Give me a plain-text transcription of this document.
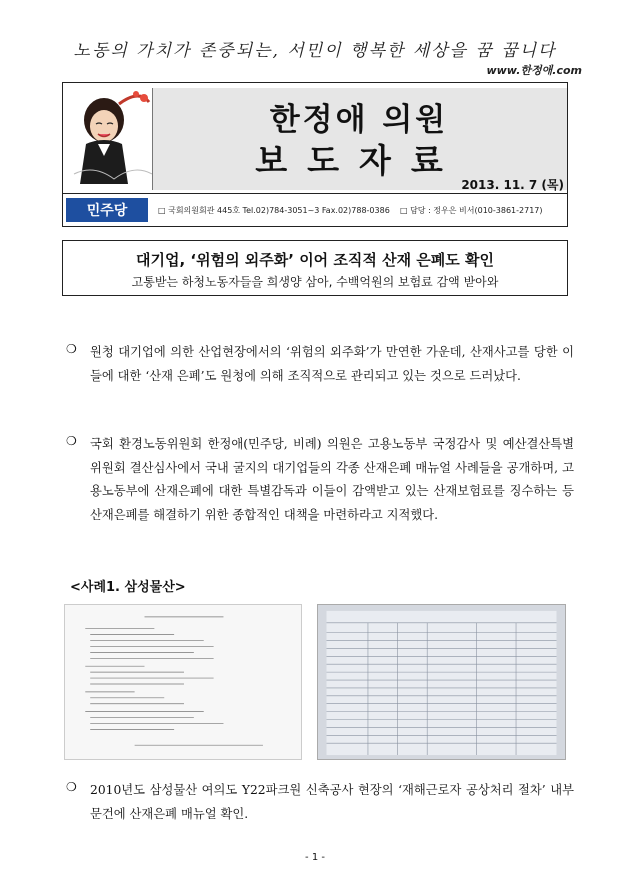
노동의 가치가 존중되는, 서민이 행복한 세상을 꿈 꿉니다
www.한정애.com
한정애 의원
보도자료
2013. 11. 7 (목)
민주당	□ 국회의원회관 445호 Tel.02)784-3051~3 Fax.02)788-0386 □ 담당 : 정우은 비서(010-3861-2717)
대기업, ‘위험의 외주화’ 이어 조직적 산재 은폐도 확인
고통받는 하청노동자들을 희생양 삼아, 수백억원의 보험료 감액 받아와
❍	원청 대기업에 의한 산업현장에서의 ‘위험의 외주화’가 만연한 가운데, 산재사고를 당한 이들에 대한 ‘산재 은폐’도 원청에 의해 조직적으로 관리되고 있는 것으로 드러났다.
❍	국회 환경노동위원회 한정애(민주당, 비례) 의원은 고용노동부 국정감사 및 예산결산특별위원회 결산심사에서 국내 굴지의 대기업들의 각종 산재은폐 매뉴얼 사례들을 공개하며, 고용노동부에 산재은폐에 대한 특별감독과 이들이 감액받고 있는 산재보험료를 징수하는 등 산재은폐를 해결하기 위한 종합적인 대책을 마련하라고 지적했다.
<사례1. 삼성물산>
❍	2010년도 삼성물산 여의도 Y22파크원 신축공사 현장의 ‘재해근로자 공상처리 절차’ 내부문건에 산재은폐 매뉴얼 확인.
- 1 -
